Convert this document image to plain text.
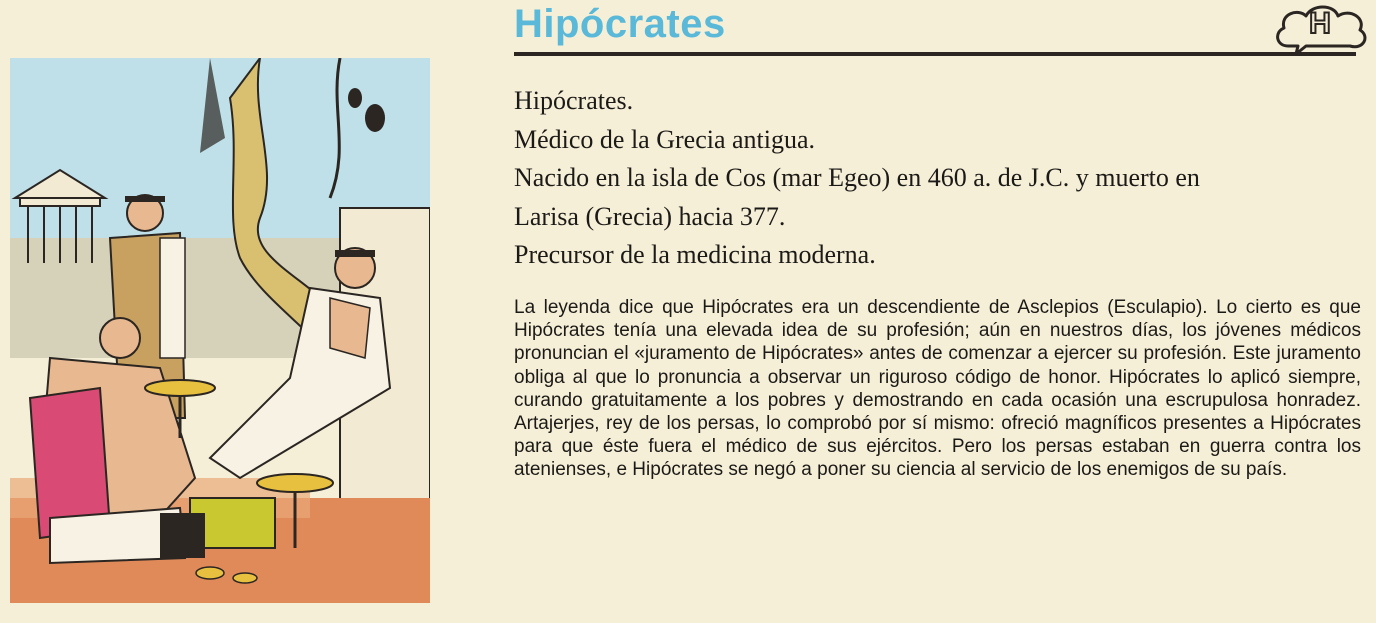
Hipócrates	H
Hipócrates.
Médico de la Grecia antigua.
Nacido en la isla de Cos (mar Egeo) en 460 a. de J.C. y muerto en
Larisa (Grecia) hacia 377.
Precursor de la medicina moderna.

La leyenda dice que Hipócrates era un descendiente de Asclepios (Esculapio). Lo cierto es que Hipócrates tenía una elevada idea de su profesión; aún en nuestros días, los jóvenes médicos pronuncian el «juramento de Hipócrates» antes de comenzar a ejercer su profesión. Este juramento obliga al que lo pronuncia a observar un riguroso código de honor. Hipócrates lo aplicó siempre, curando gratuitamente a los pobres y demostrando en cada ocasión una escrupulosa honradez. Artajerjes, rey de los persas, lo comprobó por sí mismo: ofreció magníficos presentes a Hipócrates para que éste fuera el médico de sus ejércitos. Pero los persas estaban en guerra contra los atenienses, e Hipócrates se negó a poner su ciencia al servicio de los enemigos de su país.
